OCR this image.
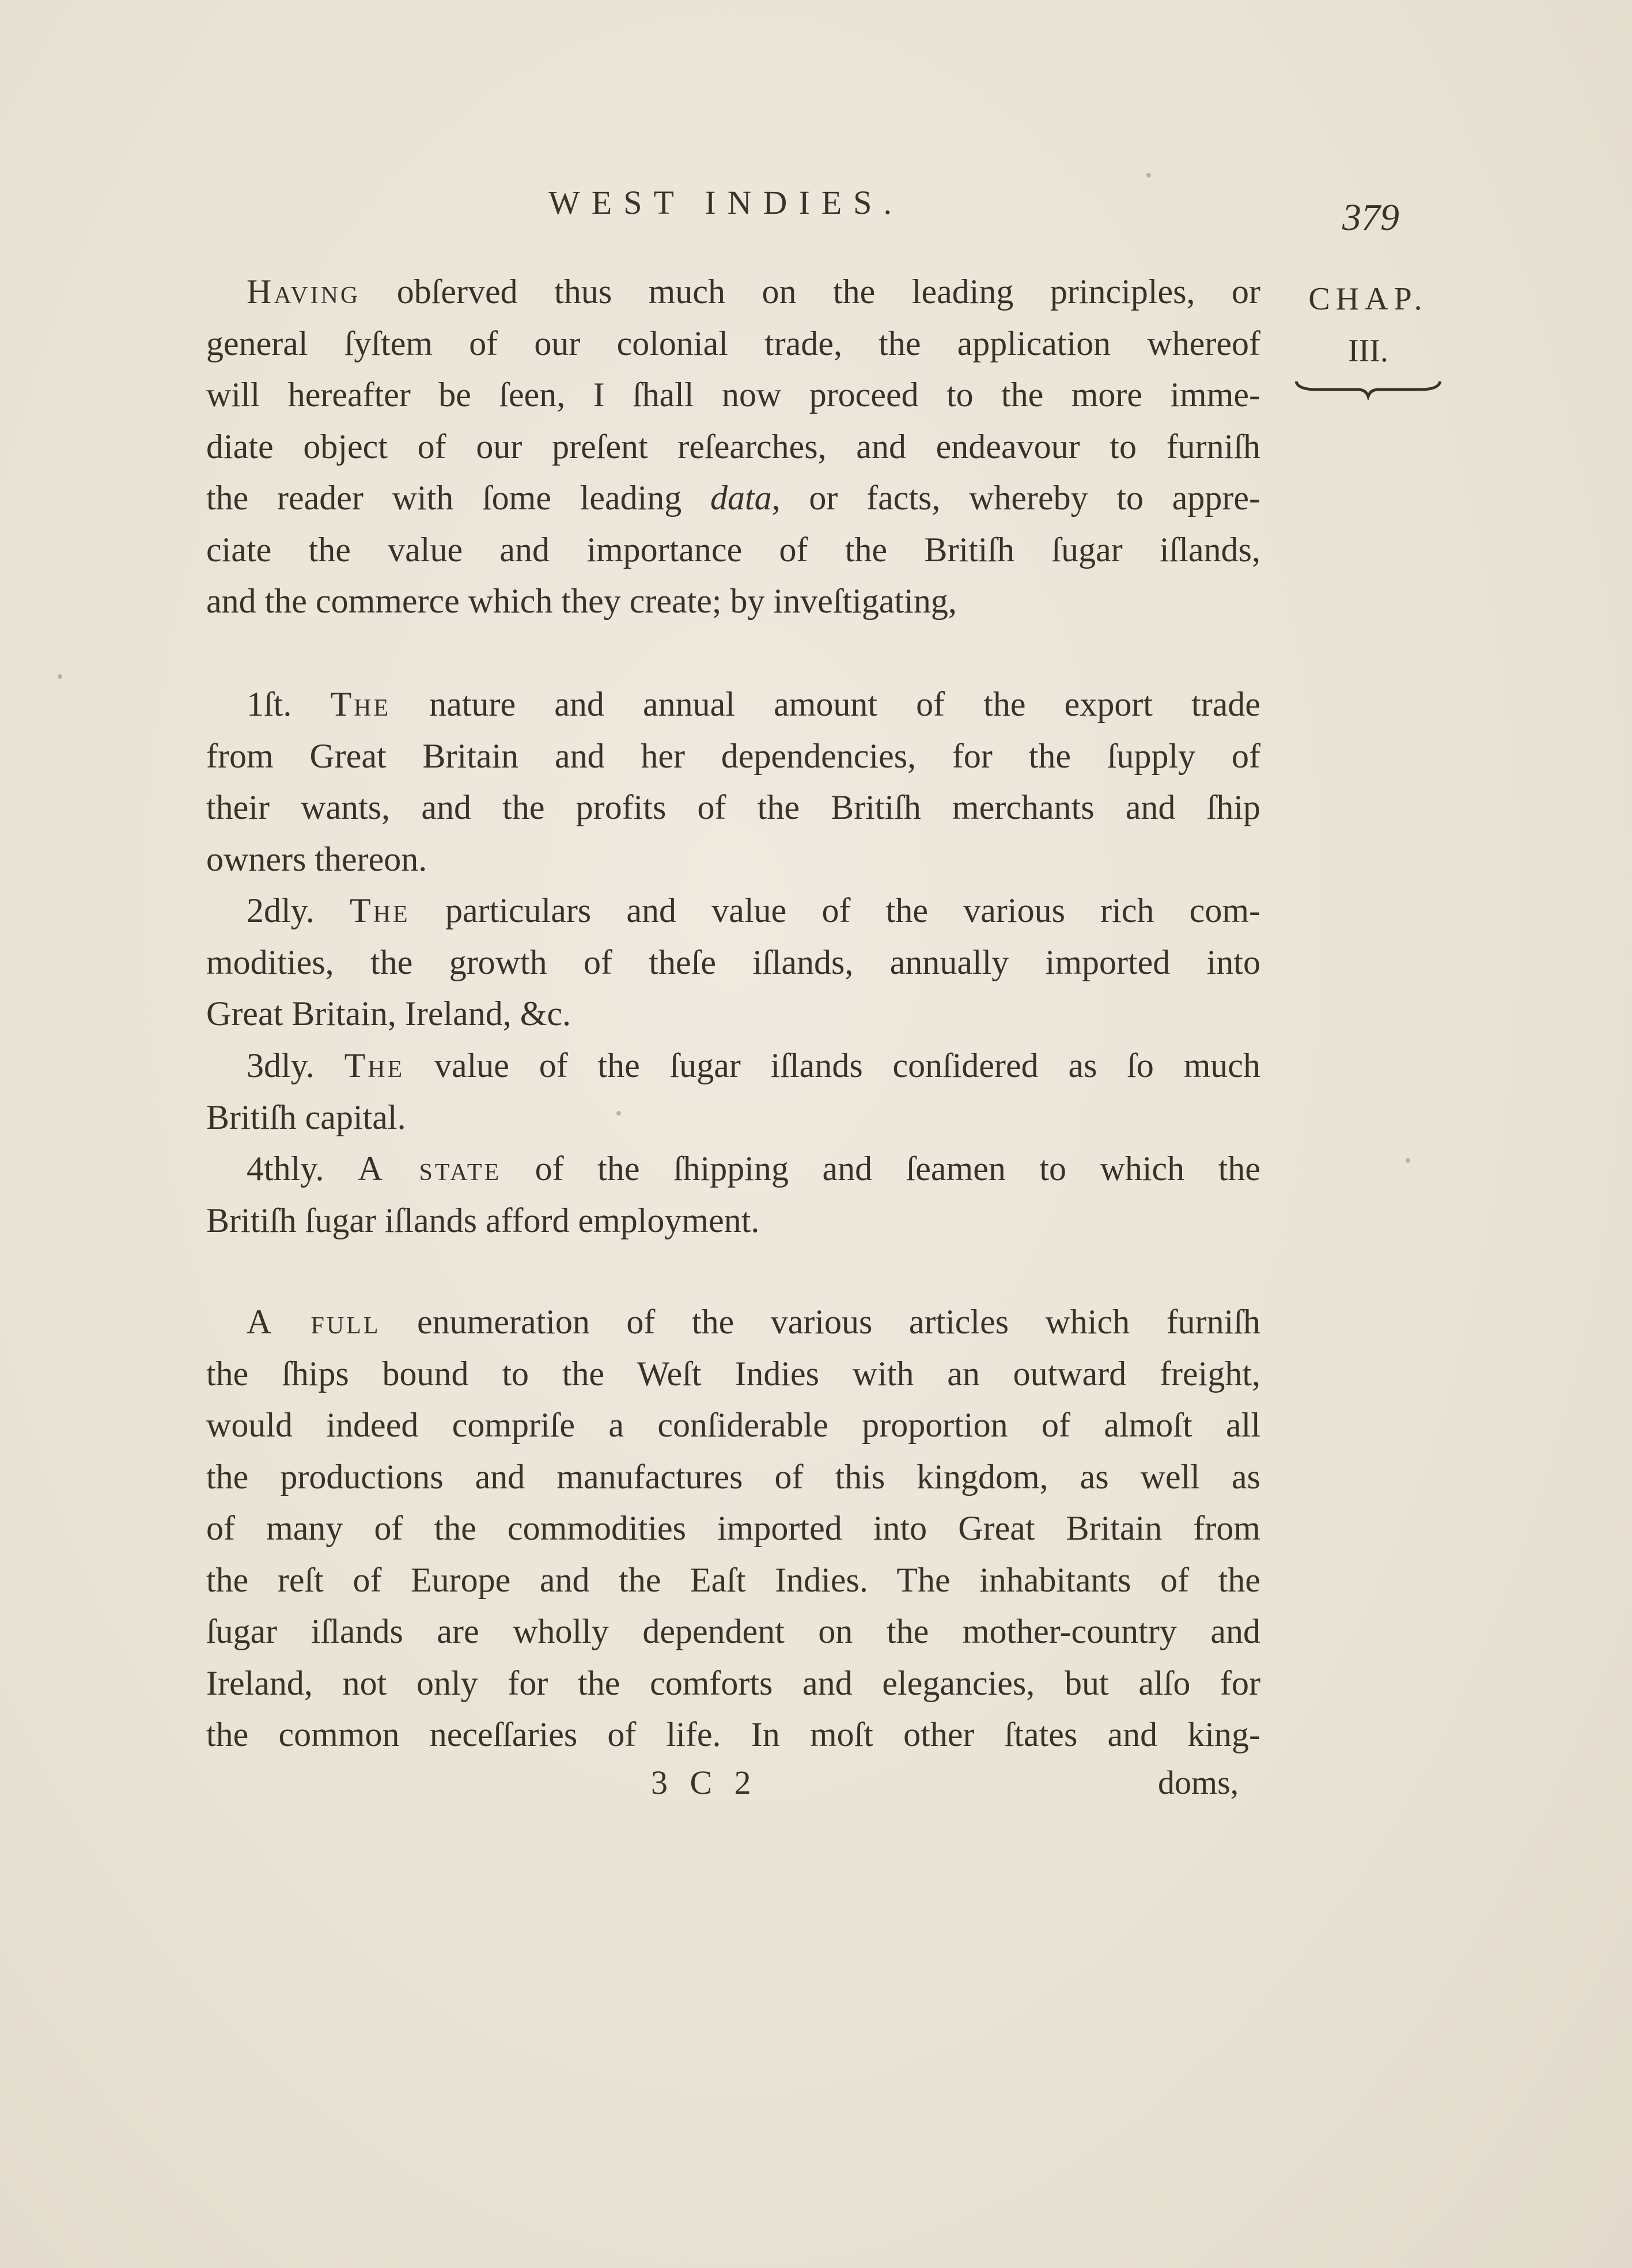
WEST INDIES.	379
CHAP.
III.
Having obſerved thus much on the leading principles, or
general ſyſtem of our colonial trade, the application whereof
will hereafter be ſeen, I ſhall now proceed to the more imme-
diate object of our preſent reſearches, and endeavour to furniſh
the reader with ſome leading data, or facts, whereby to appre-
ciate the value and importance of the Britiſh ſugar iſlands,
and the commerce which they create; by inveſtigating,
1ſt. The nature and annual amount of the export trade
from Great Britain and her dependencies, for the ſupply of
their wants, and the profits of the Britiſh merchants and ſhip
owners thereon.
2dly. The particulars and value of the various rich com-
modities, the growth of theſe iſlands, annually imported into
Great Britain, Ireland, &c.
3dly. The value of the ſugar iſlands conſidered as ſo much
Britiſh capital.
4thly. A state of the ſhipping and ſeamen to which the
Britiſh ſugar iſlands afford employment.
A full enumeration of the various articles which furniſh
the ſhips bound to the Weſt Indies with an outward freight,
would indeed compriſe a conſiderable proportion of almoſt all
the productions and manufactures of this kingdom, as well as
of many of the commodities imported into Great Britain from
the reſt of Europe and the Eaſt Indies. The inhabitants of the
ſugar iſlands are wholly dependent on the mother-country and
Ireland, not only for the comforts and elegancies, but alſo for
the common neceſſaries of life. In moſt other ſtates and king-
3 C 2	doms,
